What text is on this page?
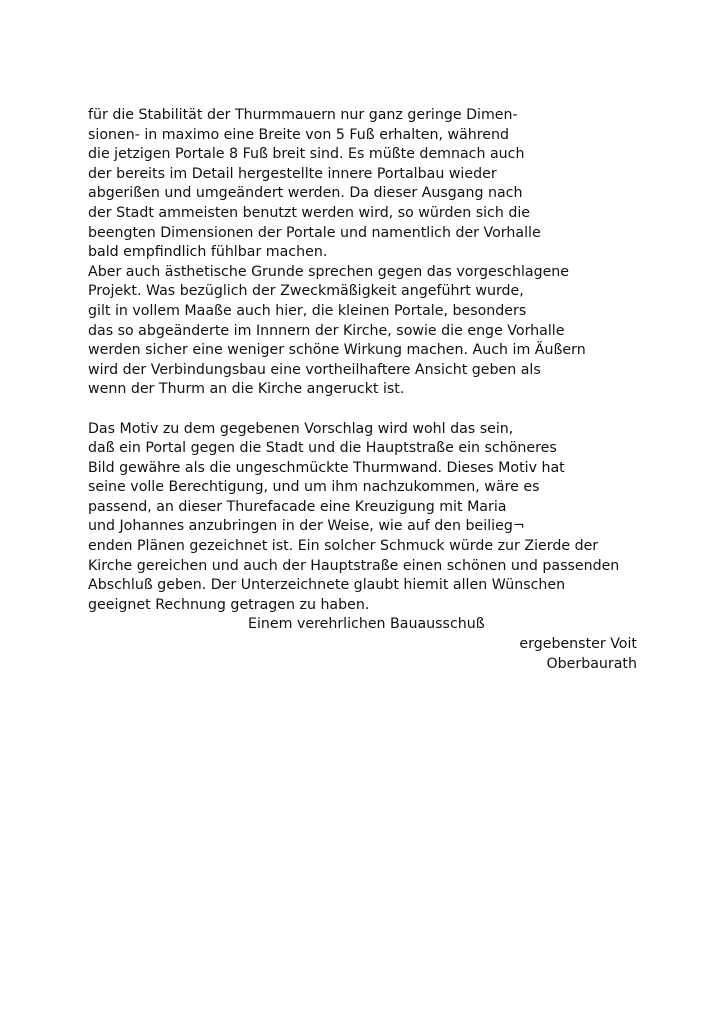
für die Stabilität der Thurmmauern nur ganz geringe Dimen-
sionen- in maximo eine Breite von 5 Fuß erhalten, während
die jetzigen Portale 8 Fuß breit sind. Es müßte demnach auch
der bereits im Detail hergestellte innere Portalbau wieder
abgerißen und umgeändert werden. Da dieser Ausgang nach
der Stadt ammeisten benutzt werden wird, so würden sich die
beengten Dimensionen der Portale und namentlich der Vorhalle
bald empfindlich fühlbar machen.
Aber auch ästhetische Grunde sprechen gegen das vorgeschlagene
Projekt. Was bezüglich der Zweckmäßigkeit angeführt wurde,
gilt in vollem Maaße auch hier, die kleinen Portale, besonders
das so abgeänderte im Innnern der Kirche, sowie die enge Vorhalle
werden sicher eine weniger schöne Wirkung machen. Auch im Äußern
wird der Verbindungsbau eine vortheilhaftere Ansicht geben als
wenn der Thurm an die Kirche angeruckt ist.
Das Motiv zu dem gegebenen Vorschlag wird wohl das sein,
daß ein Portal gegen die Stadt und die Hauptstraße ein schöneres
Bild gewähre als die ungeschmückte Thurmwand. Dieses Motiv hat
seine volle Berechtigung, und um ihm nachzukommen, wäre es
passend, an dieser Thurefacade eine Kreuzigung mit Maria
und Johannes anzubringen in der Weise, wie auf den beilieg¬
enden Plänen gezeichnet ist. Ein solcher Schmuck würde zur Zierde der
Kirche gereichen und auch der Hauptstraße einen schönen und passenden
Abschluß geben. Der Unterzeichnete glaubt hiemit allen Wünschen
geeignet Rechnung getragen zu haben.
Einem verehrlichen Bauausschuß
ergebenster Voit
Oberbaurath
